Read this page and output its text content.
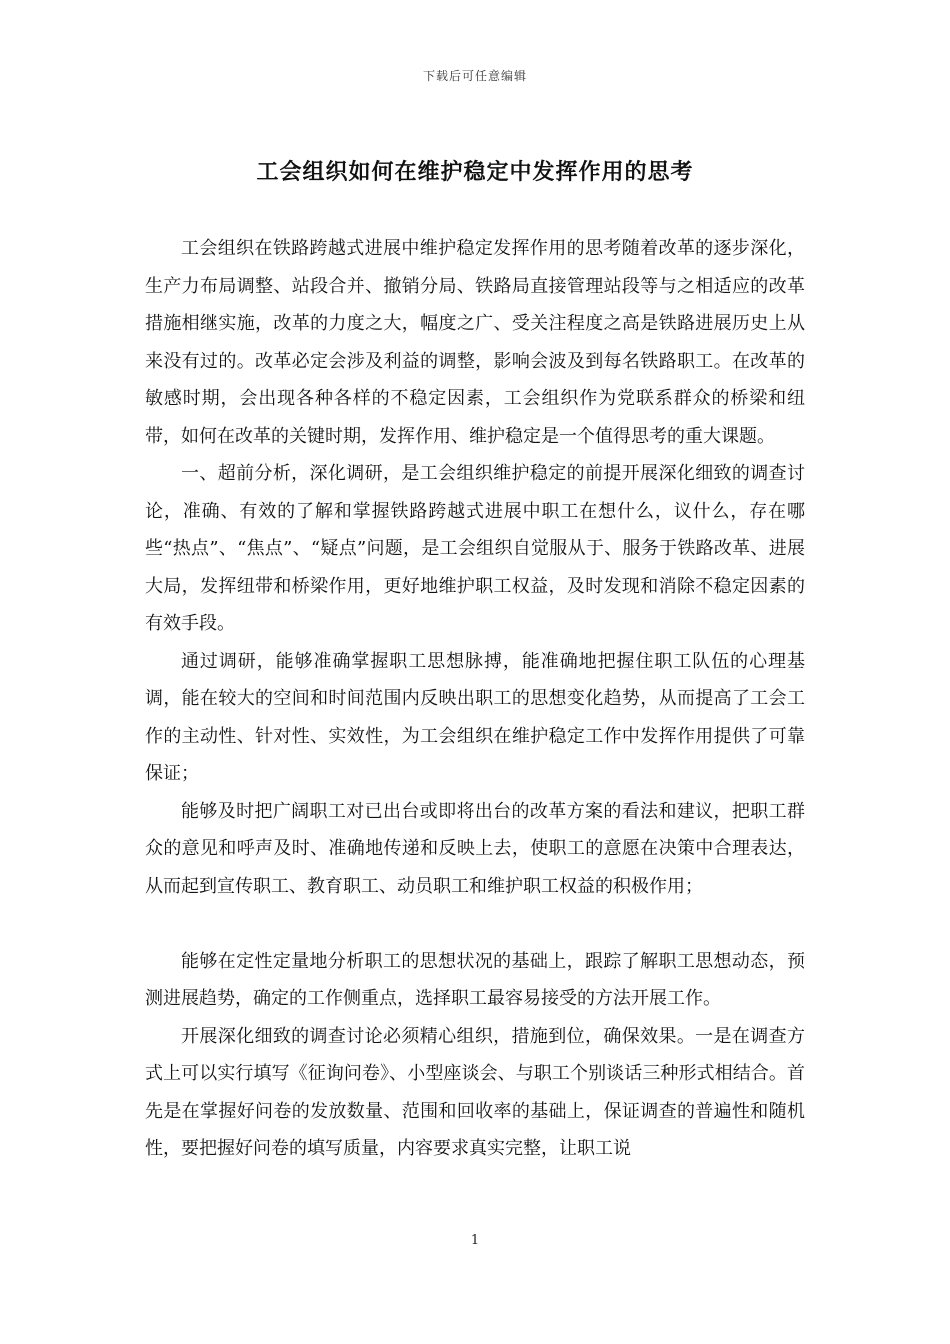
下载后可任意编辑
工会组织如何在维护稳定中发挥作用的思考

工会组织在铁路跨越式进展中维护稳定发挥作用的思考随着改革的逐步深化，生产力布局调整、站段合并、撤销分局、铁路局直接管理站段等与之相适应的改革措施相继实施，改革的力度之大，幅度之广、受关注程度之高是铁路进展历史上从来没有过的。改革必定会涉及利益的调整，影响会波及到每名铁路职工。在改革的敏感时期，会出现各种各样的不稳定因素，工会组织作为党联系群众的桥梁和纽带，如何在改革的关键时期，发挥作用、维护稳定是一个值得思考的重大课题。

一、超前分析，深化调研，是工会组织维护稳定的前提开展深化细致的调查讨论，准确、有效的了解和掌握铁路跨越式进展中职工在想什么，议什么，存在哪些“热点”、“焦点”、“疑点”问题，是工会组织自觉服从于、服务于铁路改革、进展大局，发挥纽带和桥梁作用，更好地维护职工权益，及时发现和消除不稳定因素的有效手段。

通过调研，能够准确掌握职工思想脉搏，能准确地把握住职工队伍的心理基调，能在较大的空间和时间范围内反映出职工的思想变化趋势，从而提高了工会工作的主动性、针对性、实效性，为工会组织在维护稳定工作中发挥作用提供了可靠保证；

能够及时把广阔职工对已出台或即将出台的改革方案的看法和建议，把职工群众的意见和呼声及时、准确地传递和反映上去，使职工的意愿在决策中合理表达，从而起到宣传职工、教育职工、动员职工和维护职工权益的积极作用；

能够在定性定量地分析职工的思想状况的基础上，跟踪了解职工思想动态，预测进展趋势，确定的工作侧重点，选择职工最容易接受的方法开展工作。

开展深化细致的调查讨论必须精心组织，措施到位，确保效果。一是在调查方式上可以实行填写《征询问卷》、小型座谈会、与职工个别谈话三种形式相结合。首先是在掌握好问卷的发放数量、范围和回收率的基础上，保证调查的普遍性和随机性，要把握好问卷的填写质量，内容要求真实完整，让职工说

1
